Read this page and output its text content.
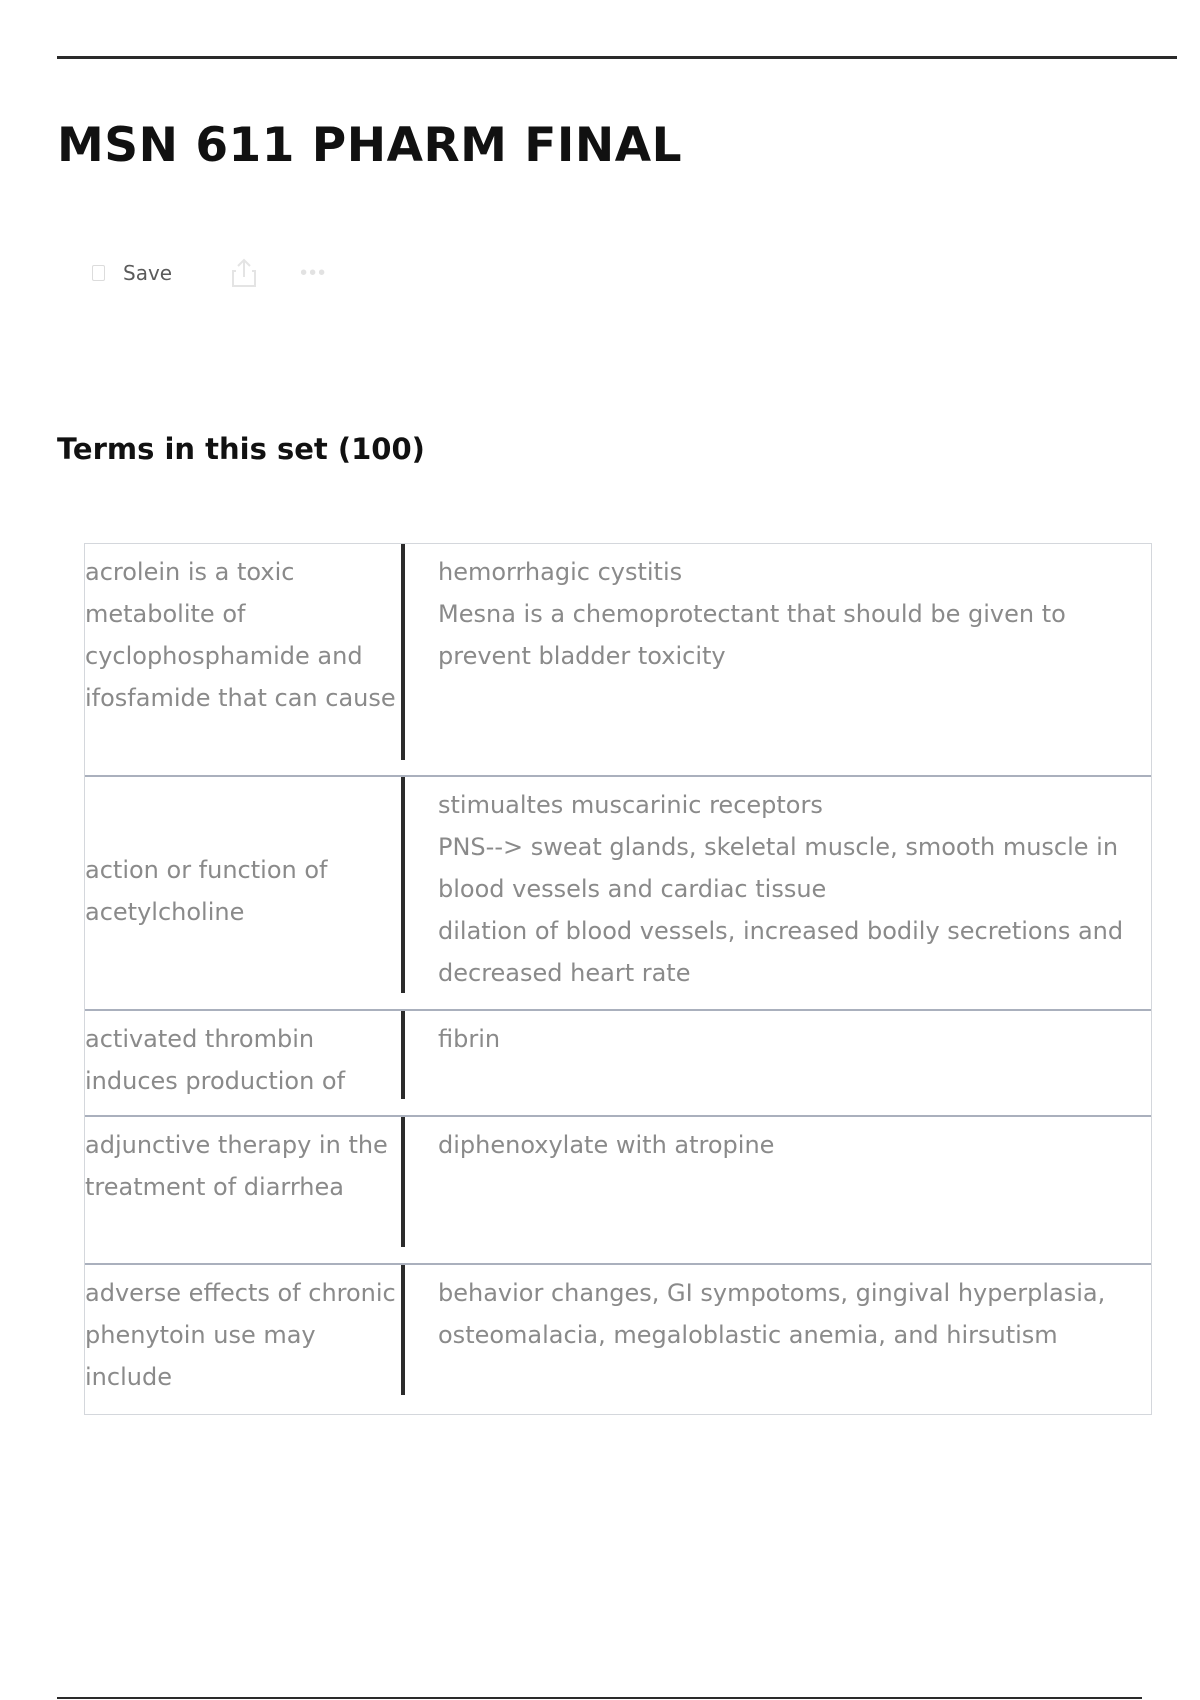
MSN 611 PHARM FINAL
Save	•••
Terms in this set (100)
acrolein is a toxic metabolite of cyclophosphamide and ifosfamide that can cause
hemorrhagic cystitis
Mesna is a chemoprotectant that should be given to prevent bladder toxicity
action or function of acetylcholine
stimualtes muscarinic receptors
PNS--> sweat glands, skeletal muscle, smooth muscle in blood vessels and cardiac tissue
dilation of blood vessels, increased bodily secretions and decreased heart rate
activated thrombin induces production of
fibrin
adjunctive therapy in the treatment of diarrhea
diphenoxylate with atropine
adverse effects of chronic phenytoin use may include
behavior changes, GI sympotoms, gingival hyperplasia, osteomalacia, megaloblastic anemia, and hirsutism
